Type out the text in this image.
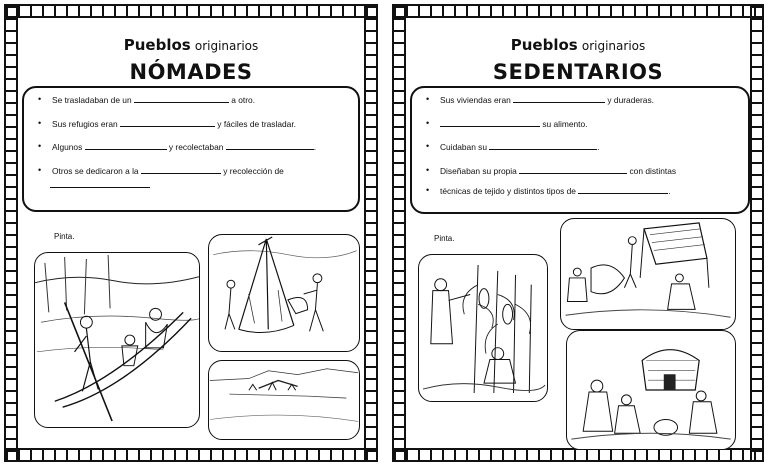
Pueblos originarios
NÓMADES
• Se trasladaban de un	a otro.
• Sus refugios eran	y fáciles de trasladar.
• Algunos	y recolectaban	.
• Otros se dedicaron a la	y recolección de
Pinta.
Pueblos originarios
SEDENTARIOS
• Sus viviendas eran	y duraderas.
• su alimento.
• Cuidaban su	.
• Diseñaban su propia	con distintas
• técnicas de tejido y distintos tipos de	.
Pinta.
